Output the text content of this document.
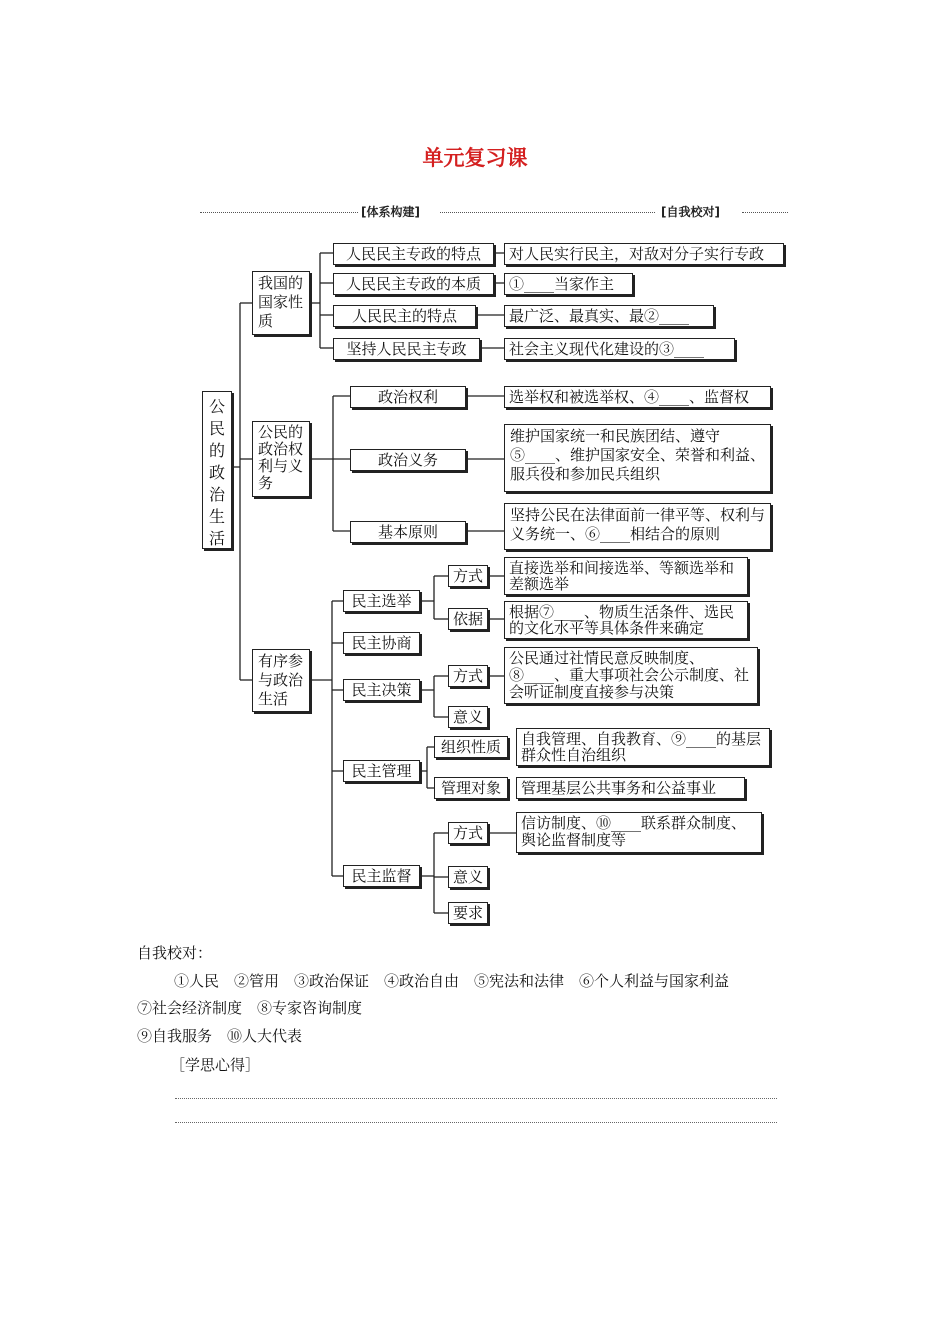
单元复习课
[体系构建]	[自我校对]
公民的政治生活
我国的国家性质
人民民主专政的特点	对人民实行民主，对敌对分子实行专政
人民民主专政的本质	①____当家作主
人民民主的特点	最广泛、最真实、最②____
坚持人民民主专政	社会主义现代化建设的③____
公民的政治权利与义务
政治权利	选举权和被选举权、④____、监督权
政治义务
维护国家统一和民族团结、遵守⑤____、维护国家安全、荣誉和利益、服兵役和参加民兵组织
基本原则
坚持公民在法律面前一律平等、权利与义务统一、⑥____相结合的原则
有序参与政治生活
民主选举
方式	直接选举和间接选举、等额选举和差额选举
依据	根据⑦____、物质生活条件、选民的文化水平等具体条件来确定
民主协商
民主决策
方式
公民通过社情民意反映制度、⑧____、重大事项社会公示制度、社会听证制度直接参与决策
意义
民主管理
组织性质	自我管理、自我教育、⑨____的基层群众性自治组织
管理对象	管理基层公共事务和公益事业
民主监督
方式
信访制度、⑩____联系群众制度、舆论监督制度等
意义
要求
自我校对：
①人民　②管用　③政治保证　④政治自由　⑤宪法和法律　⑥个人利益与国家利益
⑦社会经济制度　⑧专家咨询制度
⑨自我服务　⑩人大代表
［学思心得］
